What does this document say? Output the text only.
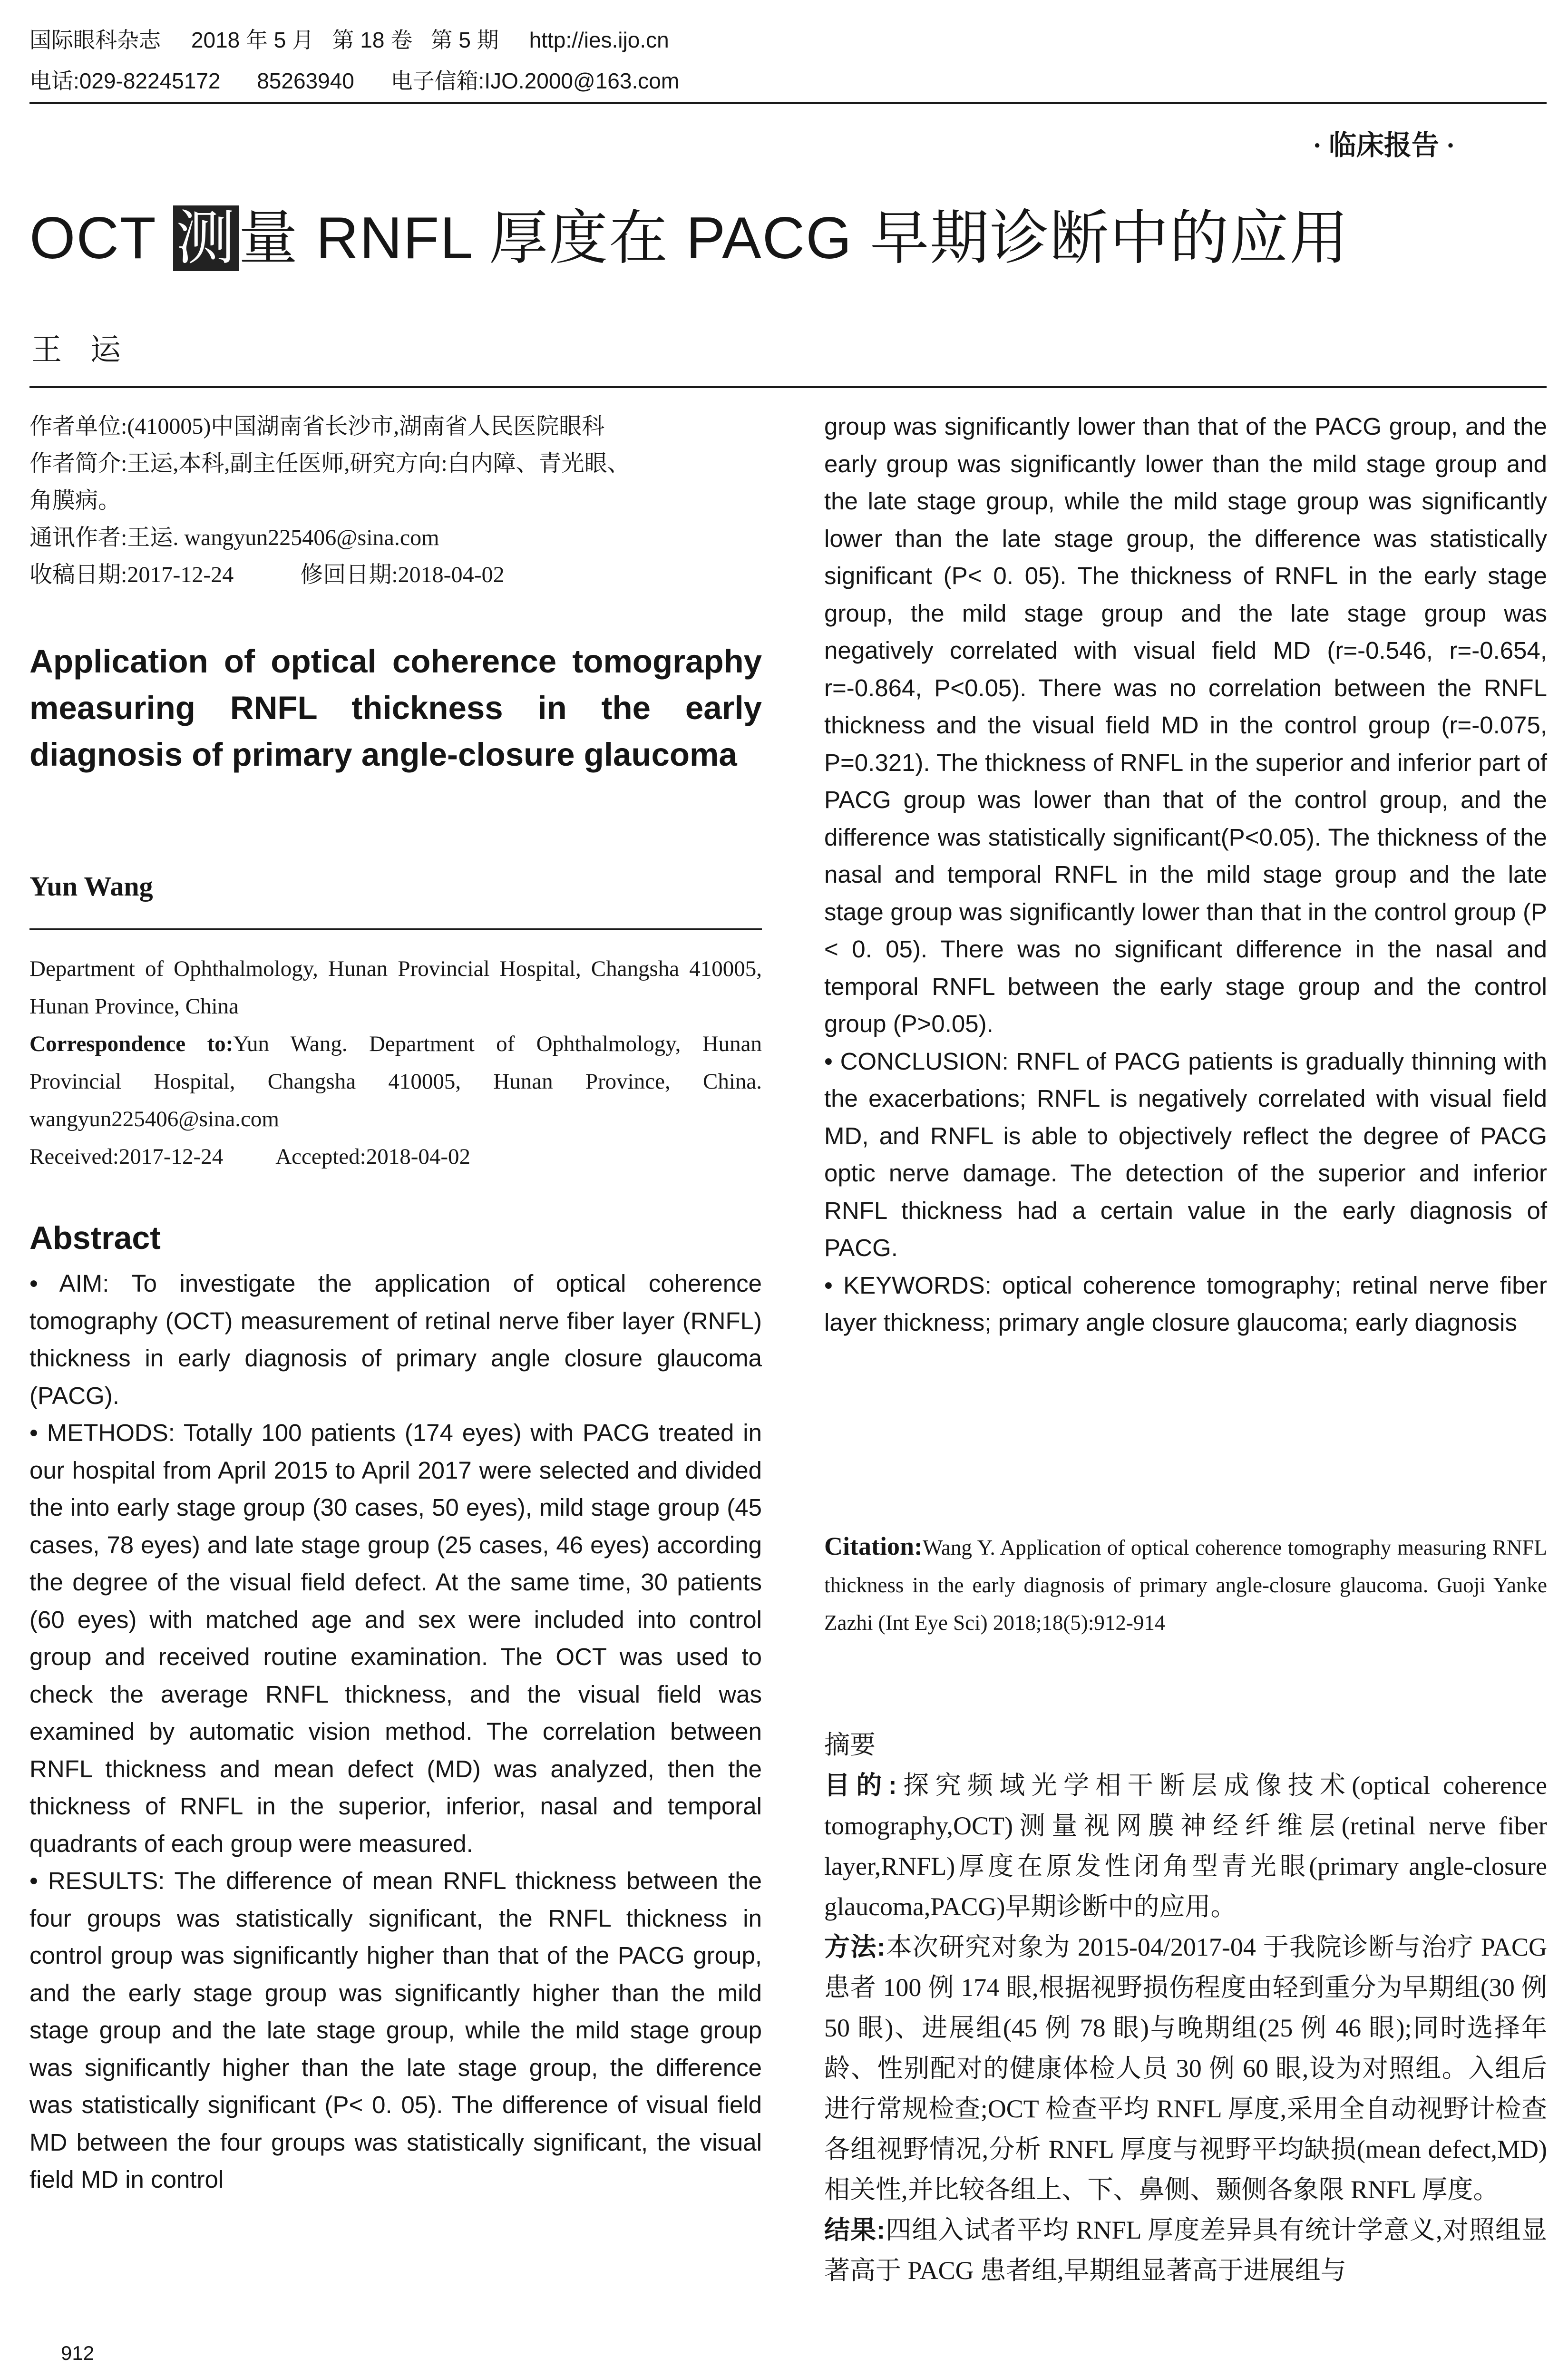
国际眼科杂志 2018 年 5 月 第 18 卷 第 5 期 http://ies.ijo.cn
电话:029-82245172 85263940 电子信箱:IJO.2000@163.com
· 临床报告 ·
OCT 测量 RNFL 厚度在 PACG 早期诊断中的应用
王运

作者单位:(410005)中国湖南省长沙市,湖南省人民医院眼科

作者简介:王运,本科,副主任医师,研究方向:白内障、青光眼、

角膜病。

通讯作者:王运. wangyun225406@sina.com

收稿日期:2017-12-24	修回日期:2018-04-02

Application of optical coherence tomography measuring RNFL thickness in the early diagnosis of primary angle-closure glaucoma

Yun Wang

Department of Ophthalmology, Hunan Provincial Hospital, Changsha 410005, Hunan Province, China

Correspondence to:Yun Wang. Department of Ophthalmology, Hunan Provincial Hospital, Changsha 410005, Hunan Province, China. wangyun225406@sina.com

Received:2017-12-24 Accepted:2018-04-02

Abstract

• AIM: To investigate the application of optical coherence tomography (OCT) measurement of retinal nerve fiber layer (RNFL) thickness in early diagnosis of primary angle closure glaucoma (PACG).

• METHODS: Totally 100 patients (174 eyes) with PACG treated in our hospital from April 2015 to April 2017 were selected and divided the into early stage group (30 cases, 50 eyes), mild stage group (45 cases, 78 eyes) and late stage group (25 cases, 46 eyes) according the degree of the visual field defect. At the same time, 30 patients (60 eyes) with matched age and sex were included into control group and received routine examination. The OCT was used to check the average RNFL thickness, and the visual field was examined by automatic vision method. The correlation between RNFL thickness and mean defect (MD) was analyzed, then the thickness of RNFL in the superior, inferior, nasal and temporal quadrants of each group were measured.

• RESULTS: The difference of mean RNFL thickness between the four groups was statistically significant, the RNFL thickness in control group was significantly higher than that of the PACG group, and the early stage group was significantly higher than the mild stage group and the late stage group, while the mild stage group was significantly higher than the late stage group, the difference was statistically significant (P< 0. 05). The difference of visual field MD between the four groups was statistically significant, the visual field MD in control

group was significantly lower than that of the PACG group, and the early group was significantly lower than the mild stage group and the late stage group, while the mild stage group was significantly lower than the late stage group, the difference was statistically significant (P< 0. 05). The thickness of RNFL in the early stage group, the mild stage group and the late stage group was negatively correlated with visual field MD (r=-0.546, r=-0.654, r=-0.864, P<0.05). There was no correlation between the RNFL thickness and the visual field MD in the control group (r=-0.075, P=0.321). The thickness of RNFL in the superior and inferior part of PACG group was lower than that of the control group, and the difference was statistically significant(P<0.05). The thickness of the nasal and temporal RNFL in the mild stage group and the late stage group was significantly lower than that in the control group (P < 0. 05). There was no significant difference in the nasal and temporal RNFL between the early stage group and the control group (P>0.05).

• CONCLUSION: RNFL of PACG patients is gradually thinning with the exacerbations; RNFL is negatively correlated with visual field MD, and RNFL is able to objectively reflect the degree of PACG optic nerve damage. The detection of the superior and inferior RNFL thickness had a certain value in the early diagnosis of PACG.

• KEYWORDS: optical coherence tomography; retinal nerve fiber layer thickness; primary angle closure glaucoma; early diagnosis

Citation:Wang Y. Application of optical coherence tomography measuring RNFL thickness in the early diagnosis of primary angle-closure glaucoma. Guoji Yanke Zazhi (Int Eye Sci) 2018;18(5):912-914

摘要

目的:探究频域光学相干断层成像技术(optical coherence tomography,OCT)测量视网膜神经纤维层(retinal nerve fiber layer,RNFL)厚度在原发性闭角型青光眼(primary angle-closure glaucoma,PACG)早期诊断中的应用。

方法:本次研究对象为 2015-04/2017-04 于我院诊断与治疗 PACG 患者 100 例 174 眼,根据视野损伤程度由轻到重分为早期组(30 例 50 眼)、进展组(45 例 78 眼)与晚期组(25 例 46 眼);同时选择年龄、性别配对的健康体检人员 30 例 60 眼,设为对照组。入组后进行常规检查;OCT 检查平均 RNFL 厚度,采用全自动视野计检查各组视野情况,分析 RNFL 厚度与视野平均缺损(mean defect,MD)相关性,并比较各组上、下、鼻侧、颞侧各象限 RNFL 厚度。

结果:四组入试者平均 RNFL 厚度差异具有统计学意义,对照组显著高于 PACG 患者组,早期组显著高于进展组与

912
